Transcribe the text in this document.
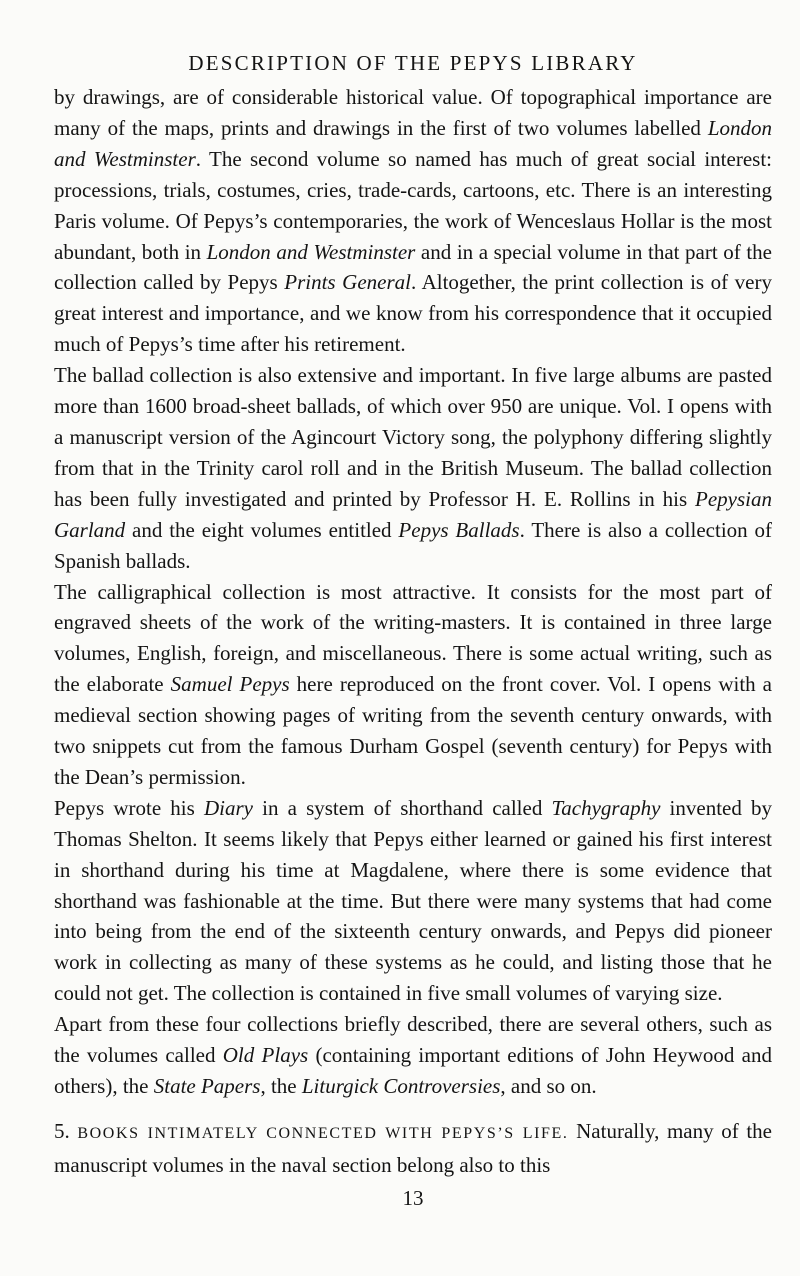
DESCRIPTION OF THE PEPYS LIBRARY

by drawings, are of considerable historical value. Of topographical importance are many of the maps, prints and drawings in the first of two volumes labelled London and Westminster. The second volume so named has much of great social interest: processions, trials, costumes, cries, trade-cards, cartoons, etc. There is an interesting Paris volume. Of Pepys’s contemporaries, the work of Wenceslaus Hollar is the most abundant, both in London and Westminster and in a special volume in that part of the collection called by Pepys Prints General. Altogether, the print collection is of very great interest and importance, and we know from his correspondence that it occupied much of Pepys’s time after his retirement.

The ballad collection is also extensive and important. In five large albums are pasted more than 1600 broad-sheet ballads, of which over 950 are unique. Vol. I opens with a manuscript version of the Agincourt Victory song, the polyphony differing slightly from that in the Trinity carol roll and in the British Museum. The ballad collection has been fully investigated and printed by Professor H. E. Rollins in his Pepysian Garland and the eight volumes entitled Pepys Ballads. There is also a collection of Spanish ballads.

The calligraphical collection is most attractive. It consists for the most part of engraved sheets of the work of the writing-masters. It is contained in three large volumes, English, foreign, and miscellaneous. There is some actual writing, such as the elaborate Samuel Pepys here reproduced on the front cover. Vol. I opens with a medieval section showing pages of writing from the seventh century onwards, with two snippets cut from the famous Durham Gospel (seventh century) for Pepys with the Dean’s permission.

Pepys wrote his Diary in a system of shorthand called Tachygraphy invented by Thomas Shelton. It seems likely that Pepys either learned or gained his first interest in shorthand during his time at Magdalene, where there is some evidence that shorthand was fashionable at the time. But there were many systems that had come into being from the end of the sixteenth century onwards, and Pepys did pioneer work in collecting as many of these systems as he could, and listing those that he could not get. The collection is contained in five small volumes of varying size.

Apart from these four collections briefly described, there are several others, such as the volumes called Old Plays (containing important editions of John Heywood and others), the State Papers, the Liturgick Controversies, and so on.

5. BOOKS INTIMATELY CONNECTED WITH PEPYS’S LIFE. Naturally, many of the manuscript volumes in the naval section belong also to this

13
